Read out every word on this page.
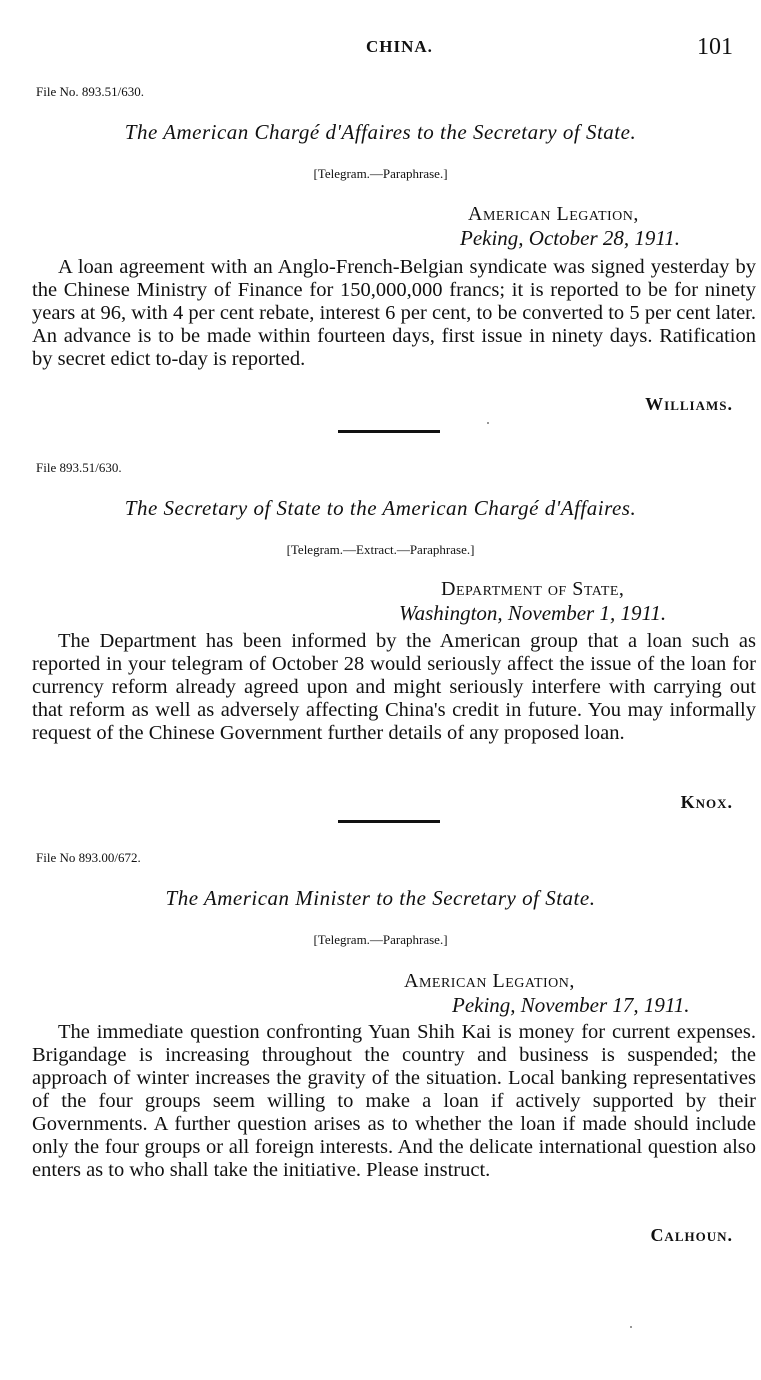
CHINA.	101
File No. 893.51/630.
The American Chargé d'Affaires to the Secretary of State.
[Telegram.—Paraphrase.]
American Legation,
Peking, October 28, 1911.
A loan agreement with an Anglo-French-Belgian syndicate was signed yesterday by the Chinese Ministry of Finance for 150,000,000 francs; it is reported to be for ninety years at 96, with 4 per cent rebate, interest 6 per cent, to be converted to 5 per cent later. An advance is to be made within fourteen days, first issue in ninety days. Ratification by secret edict to-day is reported.
Williams.
File 893.51/630.
The Secretary of State to the American Chargé d'Affaires.
[Telegram.—Extract.—Paraphrase.]
Department of State,
Washington, November 1, 1911.
The Department has been informed by the American group that a loan such as reported in your telegram of October 28 would seriously affect the issue of the loan for currency reform already agreed upon and might seriously interfere with carrying out that reform as well as adversely affecting China's credit in future. You may informally request of the Chinese Government further details of any proposed loan.
Knox.
File No 893.00/672.
The American Minister to the Secretary of State.
[Telegram.—Paraphrase.]
American Legation,
Peking, November 17, 1911.
The immediate question confronting Yuan Shih Kai is money for current expenses. Brigandage is increasing throughout the country and business is suspended; the approach of winter increases the gravity of the situation. Local banking representatives of the four groups seem willing to make a loan if actively supported by their Governments. A further question arises as to whether the loan if made should include only the four groups or all foreign interests. And the delicate international question also enters as to who shall take the initiative. Please instruct.
Calhoun.
